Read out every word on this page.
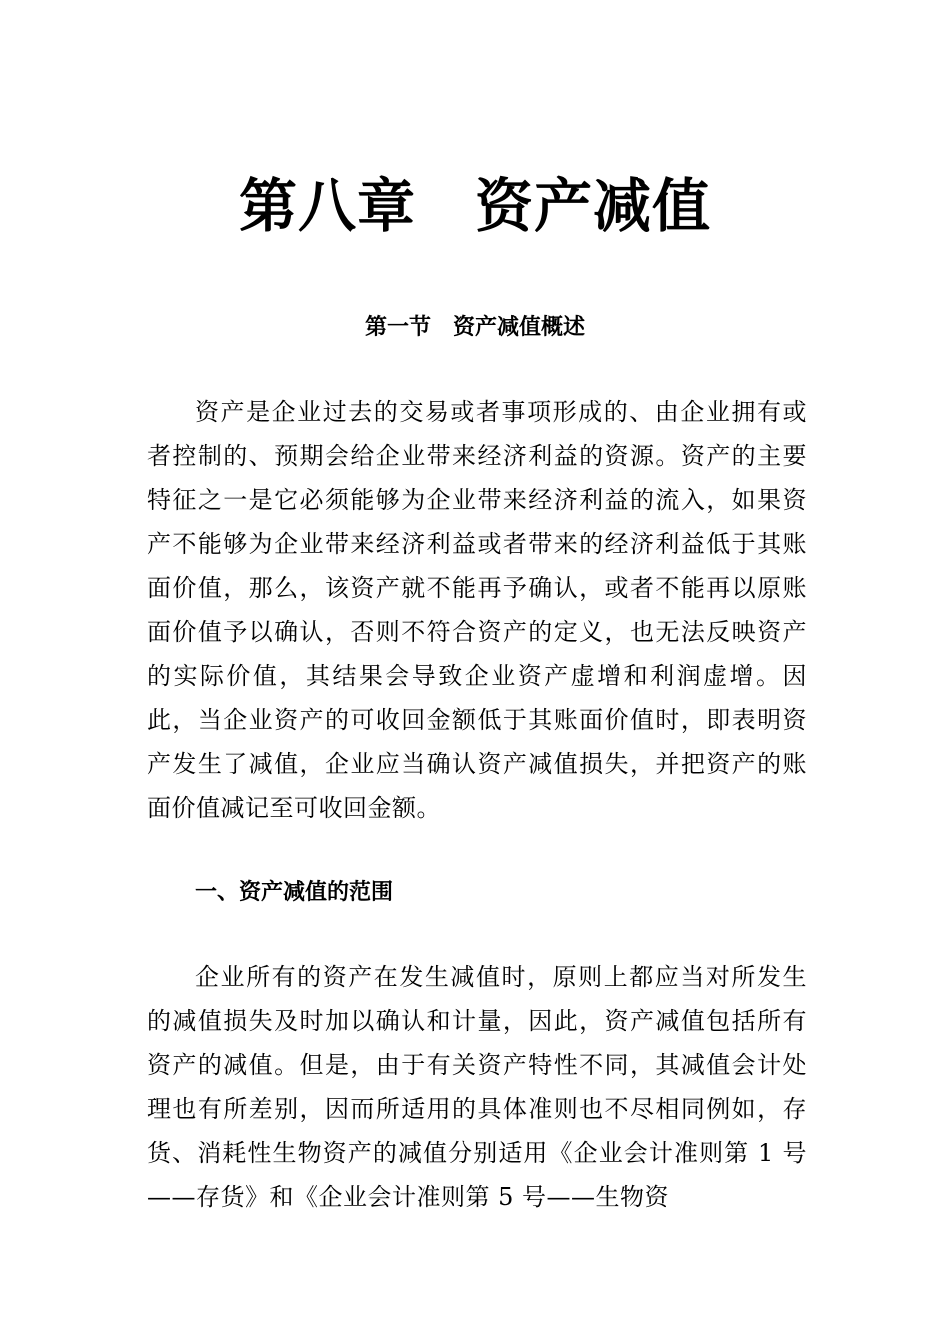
第八章　资产减值
第一节　资产减值概述

资产是企业过去的交易或者事项形成的、由企业拥有或者控制的、预期会给企业带来经济利益的资源。资产的主要特征之一是它必须能够为企业带来经济利益的流入，如果资产不能够为企业带来经济利益或者带来的经济利益低于其账面价值，那么，该资产就不能再予确认，或者不能再以原账面价值予以确认，否则不符合资产的定义，也无法反映资产的实际价值，其结果会导致企业资产虚增和利润虚增。因此，当企业资产的可收回金额低于其账面价值时，即表明资产发生了减值，企业应当确认资产减值损失，并把资产的账面价值减记至可收回金额。

一、资产减值的范围

企业所有的资产在发生减值时，原则上都应当对所发生的减值损失及时加以确认和计量，因此，资产减值包括所有资产的减值。但是，由于有关资产特性不同，其减值会计处理也有所差别，因而所适用的具体准则也不尽相同例如，存货、消耗性生物资产的减值分别适用《企业会计准则第 1 号——存货》和《企业会计准则第 5 号——生物资
